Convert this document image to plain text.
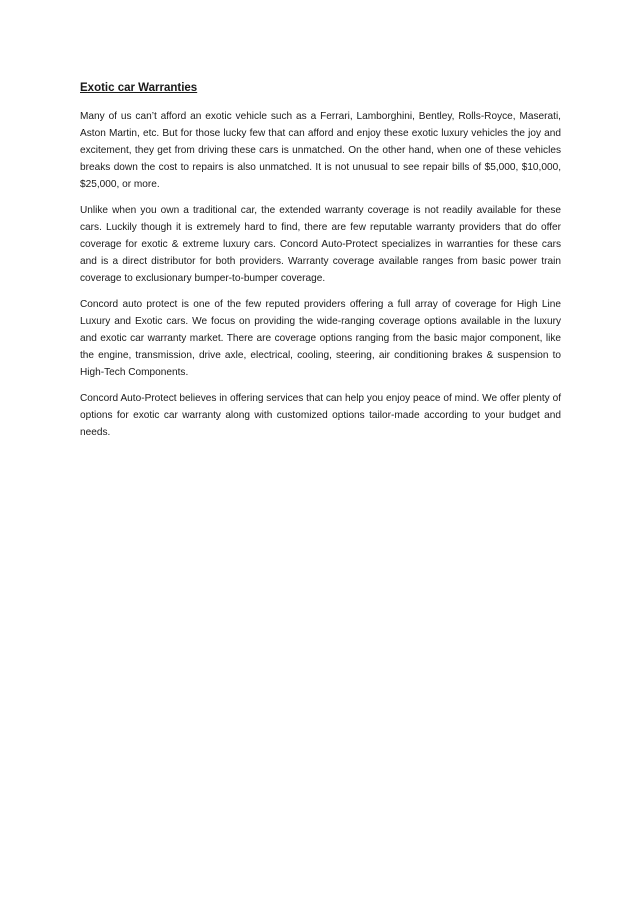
Exotic car Warranties

Many of us can’t afford an exotic vehicle such as a Ferrari, Lamborghini, Bentley, Rolls-Royce, Maserati, Aston Martin, etc. But for those lucky few that can afford and enjoy these exotic luxury vehicles the joy and excitement, they get from driving these cars is unmatched. On the other hand, when one of these vehicles breaks down the cost to repairs is also unmatched. It is not unusual to see repair bills of $5,000, $10,000, $25,000, or more.

Unlike when you own a traditional car, the extended warranty coverage is not readily available for these cars. Luckily though it is extremely hard to find, there are few reputable warranty providers that do offer coverage for exotic & extreme luxury cars. Concord Auto-Protect specializes in warranties for these cars and is a direct distributor for both providers. Warranty coverage available ranges from basic power train coverage to exclusionary bumper-to-bumper coverage.

Concord auto protect is one of the few reputed providers offering a full array of coverage for High Line Luxury and Exotic cars. We focus on providing the wide-ranging coverage options available in the luxury and exotic car warranty market. There are coverage options ranging from the basic major component, like the engine, transmission, drive axle, electrical, cooling, steering, air conditioning brakes & suspension to High-Tech Components.

Concord Auto-Protect believes in offering services that can help you enjoy peace of mind. We offer plenty of options for exotic car warranty along with customized options tailor-made according to your budget and needs.
